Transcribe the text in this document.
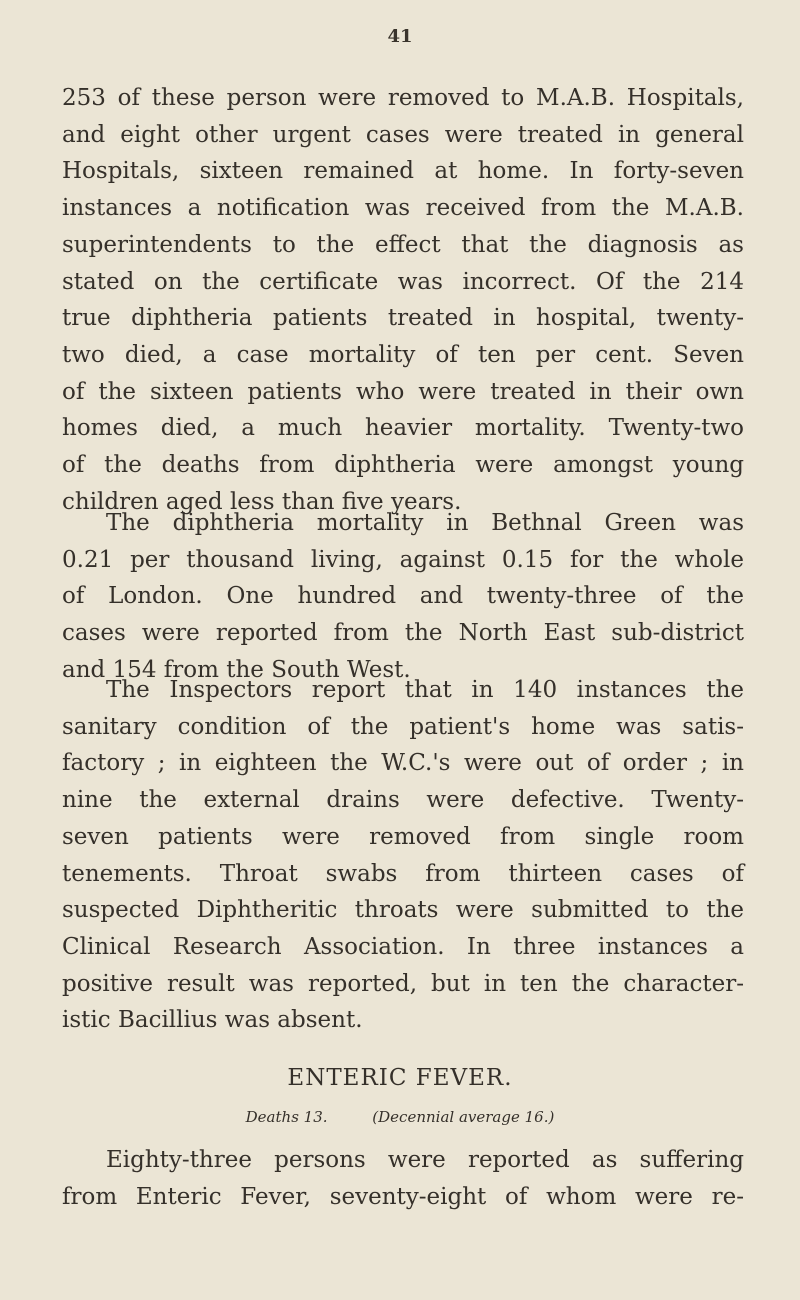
41
253 of these person were removed to M.A.B. Hospitals,
and eight other urgent cases were treated in general
Hospitals, sixteen remained at home. In forty-seven
instances a notification was received from the M.A.B.
superintendents to the effect that the diagnosis as
stated on the certificate was incorrect. Of the 214
true diphtheria patients treated in hospital, twenty-
two died, a case mortality of ten per cent. Seven
of the sixteen patients who were treated in their own
homes died, a much heavier mortality. Twenty-two
of the deaths from diphtheria were amongst young
children aged less than five years.
The diphtheria mortality in Bethnal Green was
0.21 per thousand living, against 0.15 for the whole
of London. One hundred and twenty-three of the
cases were reported from the North East sub-district
and 154 from the South West.
The Inspectors report that in 140 instances the
sanitary condition of the patient's home was satis-
factory ; in eighteen the W.C.'s were out of order ; in
nine the external drains were defective. Twenty-
seven patients were removed from single room
tenements. Throat swabs from thirteen cases of
suspected Diphtheritic throats were submitted to the
Clinical Research Association. In three instances a
positive result was reported, but in ten the character-
istic Bacillius was absent.
ENTERIC FEVER.
Deaths 13.	(Decennial average 16.)
Eighty-three persons were reported as suffering
from Enteric Fever, seventy-eight of whom were re-
